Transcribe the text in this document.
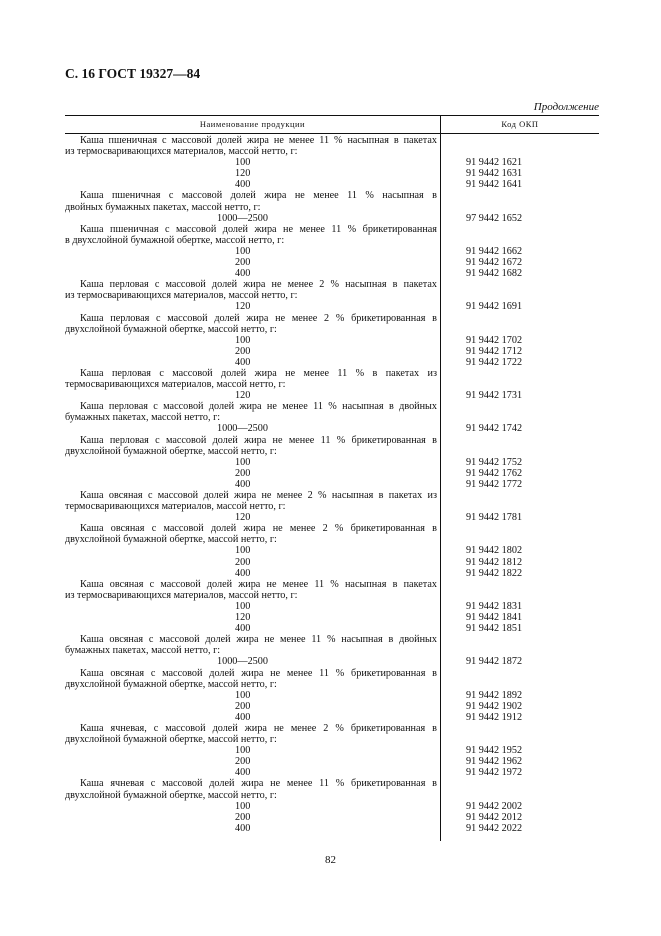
С. 16 ГОСТ 19327—84
Продолжение
Наименование продукции	Код ОКП
Каша пшеничная с массовой долей жира не менее 11 % насыпная в пакетах
из термосваривающихся материалов, массой нетто, г:
100	91 9442 1621
120	91 9442 1631
400	91 9442 1641
Каша пшеничная с массовой долей жира не менее 11 % насыпная в
двойных бумажных пакетах, массой нетто, г:
1000—2500	97 9442 1652
Каша пшеничная с массовой долей жира не менее 11 % брикетированная
в двухслойной бумажной обертке, массой нетто, г:
100	91 9442 1662
200	91 9442 1672
400	91 9442 1682
Каша перловая с массовой долей жира не менее 2 % насыпная в пакетах
из термосваривающихся материалов, массой нетто, г:
120	91 9442 1691
Каша перловая с массовой долей жира не менее 2 % брикетированная в
двухслойной бумажной обертке, массой нетто, г:
100	91 9442 1702
200	91 9442 1712
400	91 9442 1722
Каша перловая с массовой долей жира не менее 11 % в пакетах из
термосваривающихся материалов, массой нетто, г:
120	91 9442 1731
Каша перловая с массовой долей жира не менее 11 % насыпная в двойных
бумажных пакетах, массой нетто, г:
1000—2500	91 9442 1742
Каша перловая с массовой долей жира не менее 11 % брикетированная в
двухслойной бумажной обертке, массой нетто, г:
100	91 9442 1752
200	91 9442 1762
400	91 9442 1772
Каша овсяная с массовой долей жира не менее 2 % насыпная в пакетах из
термосваривающихся материалов, массой нетто, г:
120	91 9442 1781
Каша овсяная с массовой долей жира не менее 2 % брикетированная в
двухслойной бумажной обертке, массой нетто, г:
100	91 9442 1802
200	91 9442 1812
400	91 9442 1822
Каша овсяная с массовой долей жира не менее 11 % насыпная в пакетах
из термосваривающихся материалов, массой нетто, г:
100	91 9442 1831
120	91 9442 1841
400	91 9442 1851
Каша овсяная с массовой долей жира не менее 11 % насыпная в двойных
бумажных пакетах, массой нетто, г:
1000—2500	91 9442 1872
Каша овсяная с массовой долей жира не менее 11 % брикетированная в
двухслойной бумажной обертке, массой нетто, г:
100	91 9442 1892
200	91 9442 1902
400	91 9442 1912
Каша ячневая, с массовой долей жира не менее 2 % брикетированная в
двухслойной бумажной обертке, массой нетто, г:
100	91 9442 1952
200	91 9442 1962
400	91 9442 1972
Каша ячневая с массовой долей жира не менее 11 % брикетированная в
двухслойной бумажной обертке, массой нетто, г:
100	91 9442 2002
200	91 9442 2012
400	91 9442 2022
82
